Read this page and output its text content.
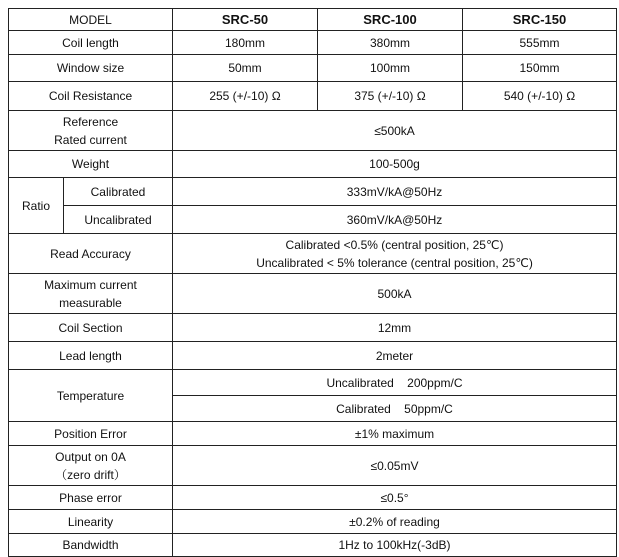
MODEL		SRC-50	SRC-100	SRC-150
Coil length		180mm	380mm	555mm
Window size		50mm	100mm	150mm
Coil Resistance		255 (+/-10) Ω	375 (+/-10) Ω	540 (+/-10) Ω

Reference
Rated current		≤500kA		
Weight		100-500g		
Ratio	Calibrated	333mV/kA@50Hz		
	Uncalibrated	360mV/kA@50Hz		
Read Accuracy		Calibrated <0.5% (central position, 25℃)
Uncalibrated < 5% tolerance (central position, 25℃)		

Maximum current
measurable		500kA		
Coil Section		12mm		
Lead length		2meter		
Temperature		Uncalibrated    200ppm/C		
		Calibrated    50ppm/C		
Position Error		±1% maximum		

Output on 0A
（zero drift）		≤0.05mV		
Phase error		≤0.5°		
Linearity		±0.2% of reading		
Bandwidth		1Hz to 100kHz(-3dB)		
